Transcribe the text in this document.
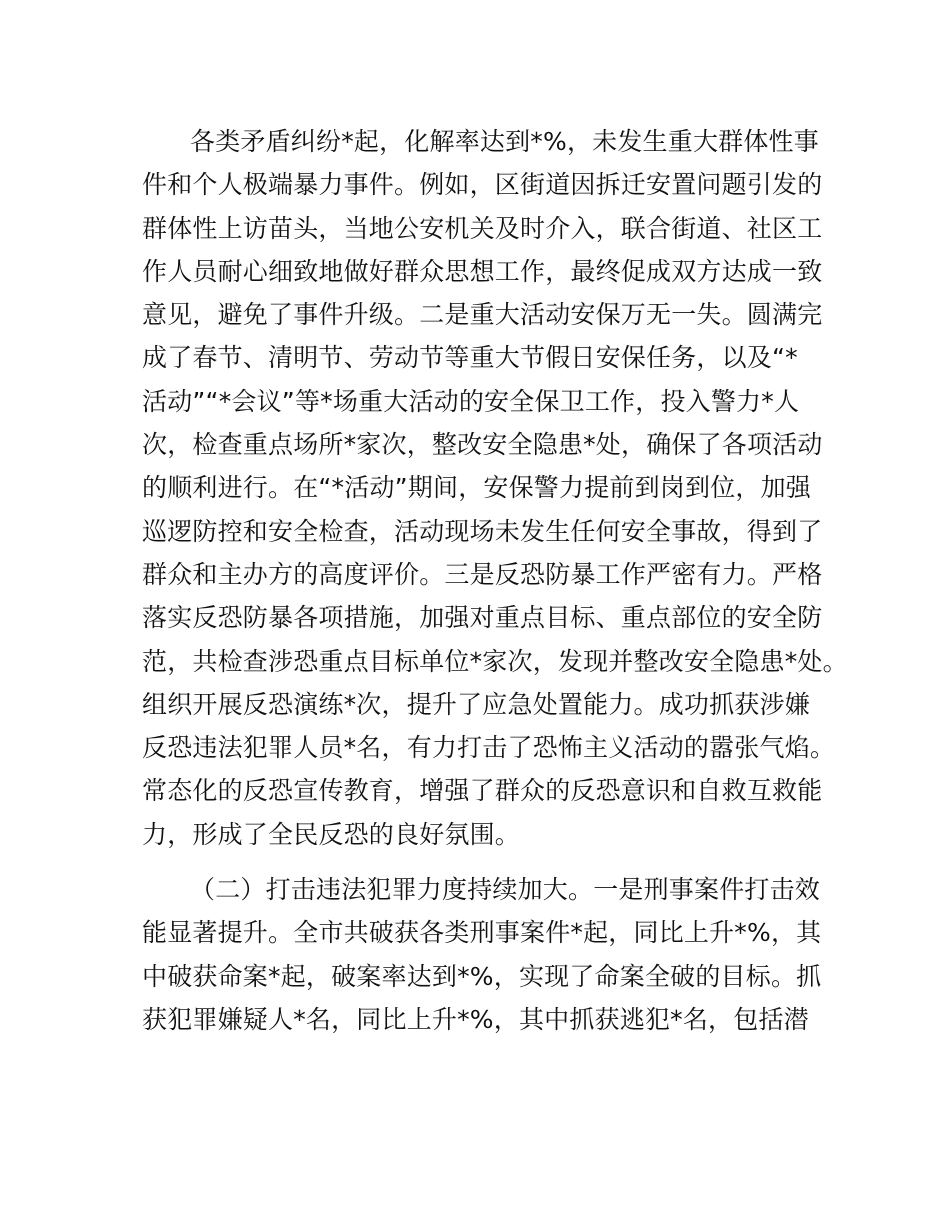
各类矛盾纠纷*起，化解率达到*%，未发生重大群体性事
件和个人极端暴力事件。例如，区街道因拆迁安置问题引发的
群体性上访苗头，当地公安机关及时介入，联合街道、社区工
作人员耐心细致地做好群众思想工作，最终促成双方达成一致
意见，避免了事件升级。二是重大活动安保万无一失。圆满完
成了春节、清明节、劳动节等重大节假日安保任务，以及“*
活动”“*会议”等*场重大活动的安全保卫工作，投入警力*人
次，检查重点场所*家次，整改安全隐患*处，确保了各项活动
的顺利进行。在“*活动”期间，安保警力提前到岗到位，加强
巡逻防控和安全检查，活动现场未发生任何安全事故，得到了
群众和主办方的高度评价。三是反恐防暴工作严密有力。严格
落实反恐防暴各项措施，加强对重点目标、重点部位的安全防
范，共检查涉恐重点目标单位*家次，发现并整改安全隐患*处。
组织开展反恐演练*次，提升了应急处置能力。成功抓获涉嫌
反恐违法犯罪人员*名，有力打击了恐怖主义活动的嚣张气焰。
常态化的反恐宣传教育，增强了群众的反恐意识和自救互救能
力，形成了全民反恐的良好氛围。
（二）打击违法犯罪力度持续加大。一是刑事案件打击效
能显著提升。全市共破获各类刑事案件*起，同比上升*%，其
中破获命案*起，破案率达到*%，实现了命案全破的目标。抓
获犯罪嫌疑人*名，同比上升*%，其中抓获逃犯*名，包括潜
